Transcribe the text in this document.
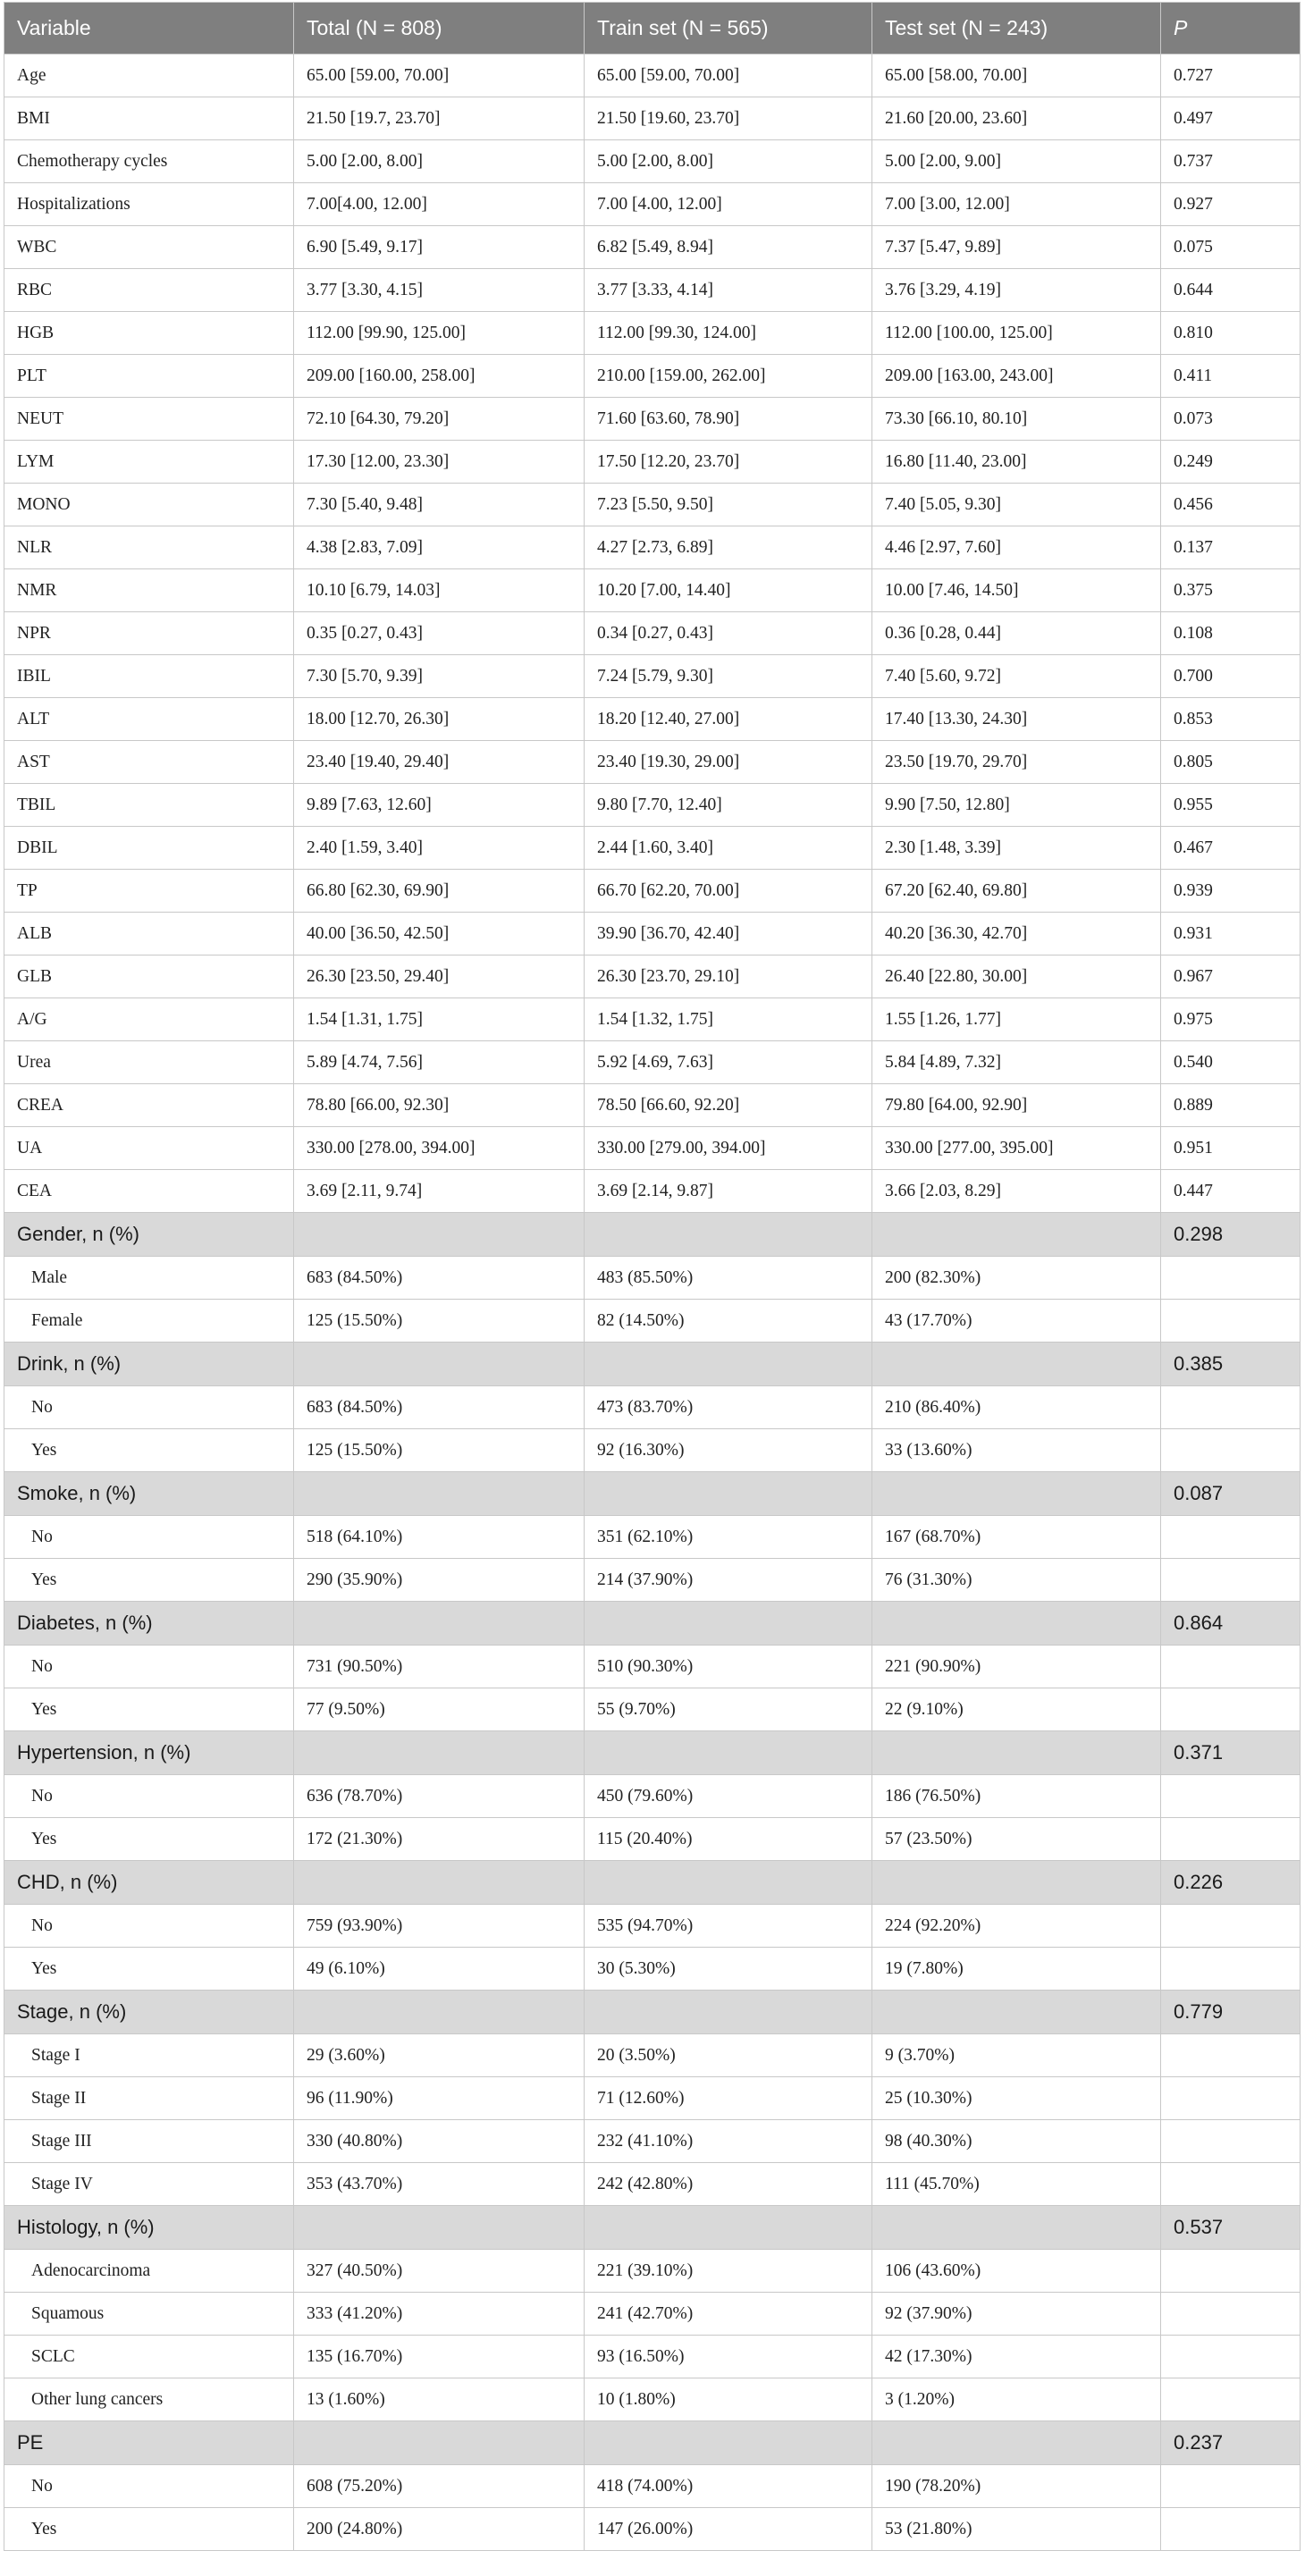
Variable	Total (N = 808)	Train set (N = 565)	Test set (N = 243)	P
Age	65.00 [59.00, 70.00]	65.00 [59.00, 70.00]	65.00 [58.00, 70.00]	0.727
BMI	21.50 [19.7, 23.70]	21.50 [19.60, 23.70]	21.60 [20.00, 23.60]	0.497
Chemotherapy cycles	5.00 [2.00, 8.00]	5.00 [2.00, 8.00]	5.00 [2.00, 9.00]	0.737
Hospitalizations	7.00[4.00, 12.00]	7.00 [4.00, 12.00]	7.00 [3.00, 12.00]	0.927
WBC	6.90 [5.49, 9.17]	6.82 [5.49, 8.94]	7.37 [5.47, 9.89]	0.075
RBC	3.77 [3.30, 4.15]	3.77 [3.33, 4.14]	3.76 [3.29, 4.19]	0.644
HGB	112.00 [99.90, 125.00]	112.00 [99.30, 124.00]	112.00 [100.00, 125.00]	0.810
PLT	209.00 [160.00, 258.00]	210.00 [159.00, 262.00]	209.00 [163.00, 243.00]	0.411
NEUT	72.10 [64.30, 79.20]	71.60 [63.60, 78.90]	73.30 [66.10, 80.10]	0.073
LYM	17.30 [12.00, 23.30]	17.50 [12.20, 23.70]	16.80 [11.40, 23.00]	0.249
MONO	7.30 [5.40, 9.48]	7.23 [5.50, 9.50]	7.40 [5.05, 9.30]	0.456
NLR	4.38 [2.83, 7.09]	4.27 [2.73, 6.89]	4.46 [2.97, 7.60]	0.137
NMR	10.10 [6.79, 14.03]	10.20 [7.00, 14.40]	10.00 [7.46, 14.50]	0.375
NPR	0.35 [0.27, 0.43]	0.34 [0.27, 0.43]	0.36 [0.28, 0.44]	0.108
IBIL	7.30 [5.70, 9.39]	7.24 [5.79, 9.30]	7.40 [5.60, 9.72]	0.700
ALT	18.00 [12.70, 26.30]	18.20 [12.40, 27.00]	17.40 [13.30, 24.30]	0.853
AST	23.40 [19.40, 29.40]	23.40 [19.30, 29.00]	23.50 [19.70, 29.70]	0.805
TBIL	9.89 [7.63, 12.60]	9.80 [7.70, 12.40]	9.90 [7.50, 12.80]	0.955
DBIL	2.40 [1.59, 3.40]	2.44 [1.60, 3.40]	2.30 [1.48, 3.39]	0.467
TP	66.80 [62.30, 69.90]	66.70 [62.20, 70.00]	67.20 [62.40, 69.80]	0.939
ALB	40.00 [36.50, 42.50]	39.90 [36.70, 42.40]	40.20 [36.30, 42.70]	0.931
GLB	26.30 [23.50, 29.40]	26.30 [23.70, 29.10]	26.40 [22.80, 30.00]	0.967
A/G	1.54 [1.31, 1.75]	1.54 [1.32, 1.75]	1.55 [1.26, 1.77]	0.975
Urea	5.89 [4.74, 7.56]	5.92 [4.69, 7.63]	5.84 [4.89, 7.32]	0.540
CREA	78.80 [66.00, 92.30]	78.50 [66.60, 92.20]	79.80 [64.00, 92.90]	0.889
UA	330.00 [278.00, 394.00]	330.00 [279.00, 394.00]	330.00 [277.00, 395.00]	0.951
CEA	3.69 [2.11, 9.74]	3.69 [2.14, 9.87]	3.66 [2.03, 8.29]	0.447
Gender, n (%)				0.298
Male	683 (84.50%)	483 (85.50%)	200 (82.30%)	
Female	125 (15.50%)	82 (14.50%)	43 (17.70%)	
Drink, n (%)				0.385
No	683 (84.50%)	473 (83.70%)	210 (86.40%)	
Yes	125 (15.50%)	92 (16.30%)	33 (13.60%)	
Smoke, n (%)				0.087
No	518 (64.10%)	351 (62.10%)	167 (68.70%)	
Yes	290 (35.90%)	214 (37.90%)	76 (31.30%)	
Diabetes, n (%)				0.864
No	731 (90.50%)	510 (90.30%)	221 (90.90%)	
Yes	77 (9.50%)	55 (9.70%)	22 (9.10%)	
Hypertension, n (%)				0.371
No	636 (78.70%)	450 (79.60%)	186 (76.50%)	
Yes	172 (21.30%)	115 (20.40%)	57 (23.50%)	
CHD, n (%)				0.226
No	759 (93.90%)	535 (94.70%)	224 (92.20%)	
Yes	49 (6.10%)	30 (5.30%)	19 (7.80%)	
Stage, n (%)				0.779
Stage I	29 (3.60%)	20 (3.50%)	9 (3.70%)	
Stage II	96 (11.90%)	71 (12.60%)	25 (10.30%)	
Stage III	330 (40.80%)	232 (41.10%)	98 (40.30%)	
Stage IV	353 (43.70%)	242 (42.80%)	111 (45.70%)	
Histology, n (%)				0.537
Adenocarcinoma	327 (40.50%)	221 (39.10%)	106 (43.60%)	
Squamous	333 (41.20%)	241 (42.70%)	92 (37.90%)	
SCLC	135 (16.70%)	93 (16.50%)	42 (17.30%)	
Other lung cancers	13 (1.60%)	10 (1.80%)	3 (1.20%)	
PE				0.237
No	608 (75.20%)	418 (74.00%)	190 (78.20%)	
Yes	200 (24.80%)	147 (26.00%)	53 (21.80%)	
